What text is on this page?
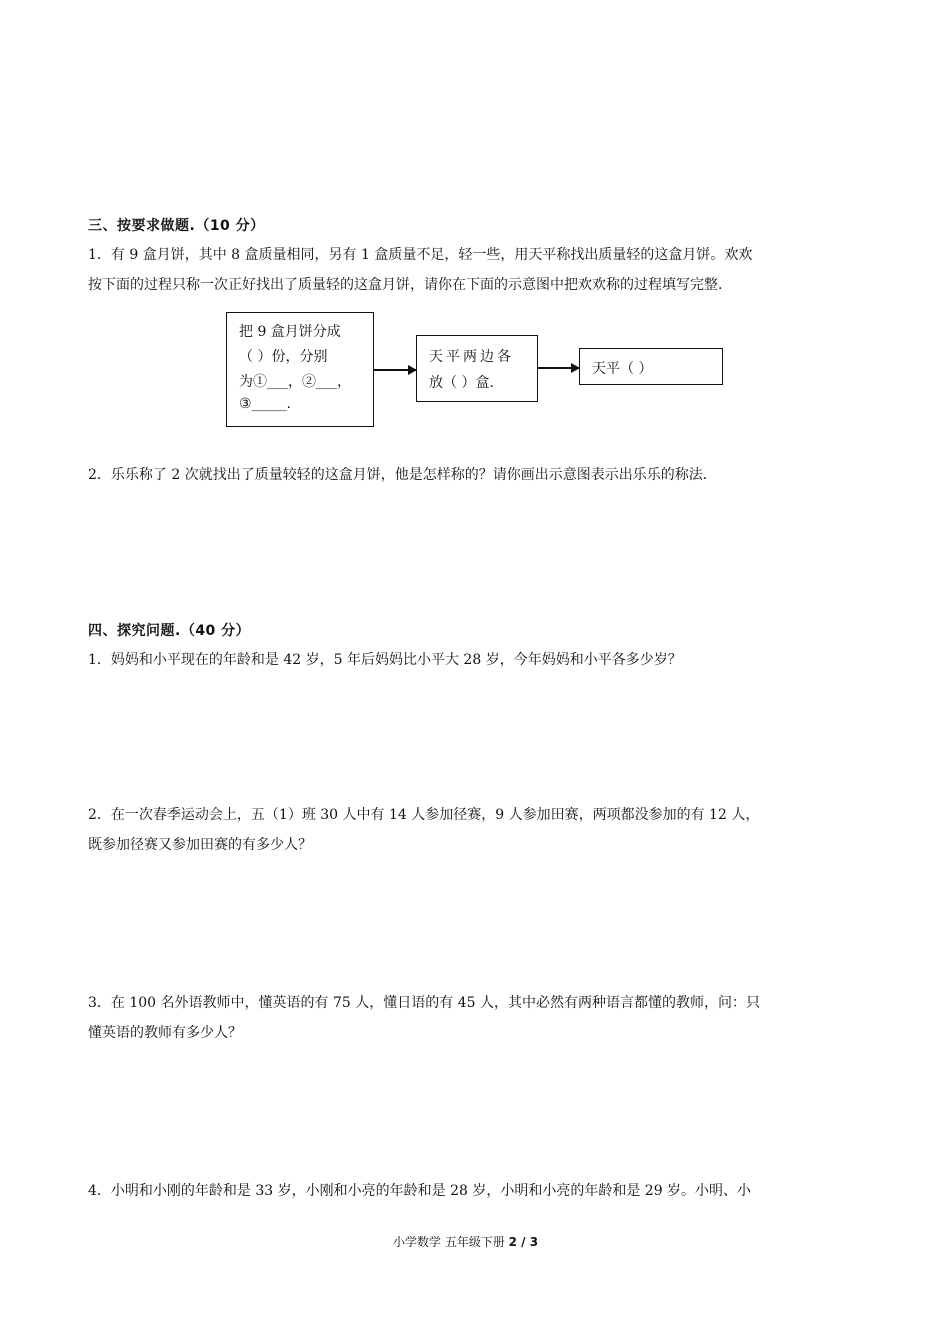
三、按要求做题.（10 分）
1．有 9 盒月饼，其中 8 盒质量相同，另有 1 盒质量不足，轻一些，用天平称找出质量轻的这盒月饼。欢欢
按下面的过程只称一次正好找出了质量轻的这盒月饼，请你在下面的示意图中把欢欢称的过程填写完整.
把 9 盒月饼分成
（ ）份，分别
为①___，②___，
③_____.
天平两边各
放（ ）盒.
天平（ ）
2．乐乐称了 2 次就找出了质量较轻的这盒月饼，他是怎样称的？请你画出示意图表示出乐乐的称法.
四、探究问题.（40 分）
1．妈妈和小平现在的年龄和是 42 岁，5 年后妈妈比小平大 28 岁，今年妈妈和小平各多少岁？
2．在一次春季运动会上，五（1）班 30 人中有 14 人参加径赛，9 人参加田赛，两项都没参加的有 12 人，
既参加径赛又参加田赛的有多少人？
3．在 100 名外语教师中，懂英语的有 75 人，懂日语的有 45 人，其中必然有两种语言都懂的教师，问：只
懂英语的教师有多少人？
4．小明和小刚的年龄和是 33 岁，小刚和小亮的年龄和是 28 岁，小明和小亮的年龄和是 29 岁。小明、小
小学数学 五年级下册 2 / 3
